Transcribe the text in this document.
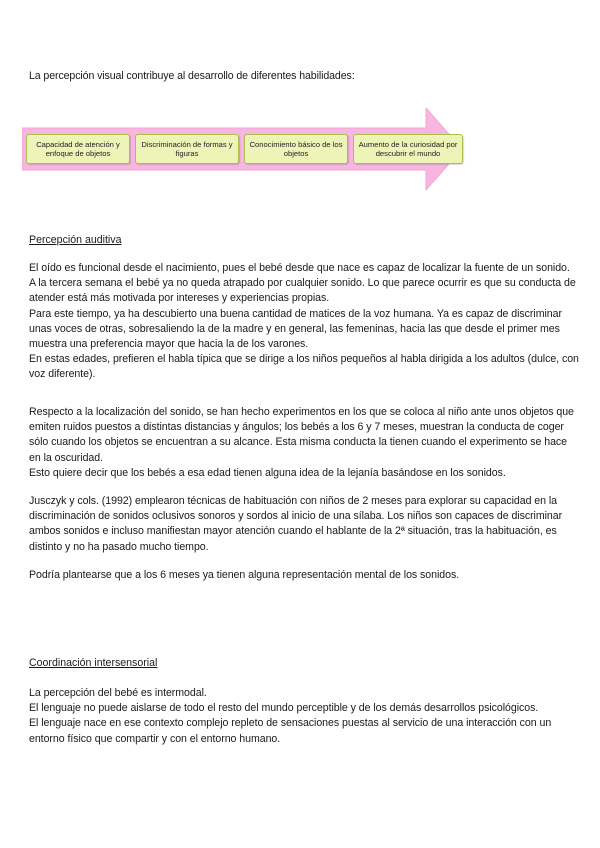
La percepción visual contribuye al desarrollo de diferentes habilidades:

Capacidad de atención y enfoque de objetos
Discriminación de formas y figuras
Conocimiento básico de los objetos
Aumento de la curiosidad por descubrir el mundo
Percepción auditiva
El oído es funcional desde el nacimiento, pues el bebé desde que nace es capaz de localizar la fuente de un sonido.
A la tercera semana el bebé ya no queda atrapado por cualquier sonido. Lo que parece ocurrir es que su conducta de atender está más motivada por intereses y experiencias propias.
Para este tiempo, ya ha descubierto una buena cantidad de matices de la voz humana. Ya es capaz de discriminar unas voces de otras, sobresaliendo la de la madre y en general, las femeninas, hacia las que desde el primer mes muestra una preferencia mayor que hacia la de los varones.
En estas edades, prefieren el habla típica que se dirige a los niños pequeños al habla dirigida a los adultos (dulce, con voz diferente).
Respecto a la localización del sonido, se han hecho experimentos en los que se coloca al niño ante unos objetos que emiten ruidos puestos a distintas distancias y ángulos; los bebés a los 6 y 7 meses, muestran la conducta de coger sólo cuando los objetos se encuentran a su alcance. Esta misma conducta la tienen cuando el experimento se hace en la oscuridad.
Esto quiere decir que los bebés a esa edad tienen alguna idea de la lejanía basándose en los sonidos.
Jusczyk y cols. (1992) emplearon técnicas de habituación con niños de 2 meses para explorar su capacidad en la discriminación de sonidos oclusivos sonoros y sordos al inicio de una sílaba. Los niños son capaces de discriminar ambos sonidos e incluso manifiestan mayor atención cuando el hablante de la 2ª situación, tras la habituación, es distinto y no ha pasado mucho tiempo.
Podría plantearse que a los 6 meses ya tienen alguna representación mental de los sonidos.
Coordinación intersensorial
La percepción del bebé es intermodal.
El lenguaje no puede aislarse de todo el resto del mundo perceptible y de los demás desarrollos psicológicos.
El lenguaje nace en ese contexto complejo repleto de sensaciones puestas al servicio de una interacción con un entorno físico que compartir y con el entorno humano.
